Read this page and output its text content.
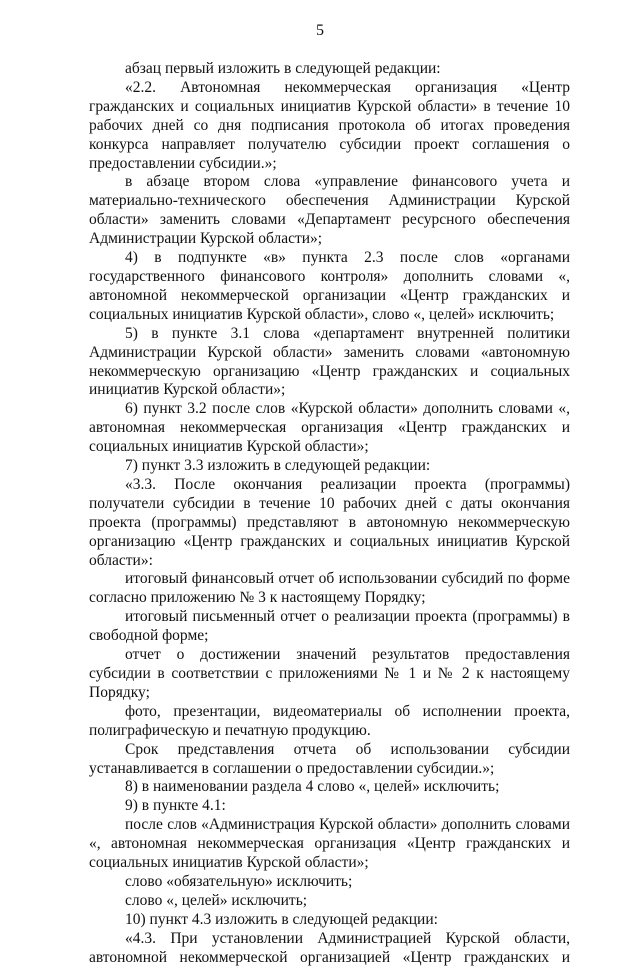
5

абзац первый изложить в следующей редакции:

«2.2. Автономная некоммерческая организация «Центр гражданских и социальных инициатив Курской области» в течение 10 рабочих дней со дня подписания протокола об итогах проведения конкурса направляет получателю субсидии проект соглашения о предоставлении субсидии.»;

в абзаце втором слова «управление финансового учета и материально-технического обеспечения Администрации Курской области» заменить словами «Департамент ресурсного обеспечения Администрации Курской области»;

4) в подпункте «в» пункта 2.3 после слов «органами государственного финансового контроля» дополнить словами «, автономной некоммерческой организации «Центр гражданских и социальных инициатив Курской области», слово «, целей» исключить;

5) в пункте 3.1 слова «департамент внутренней политики Администрации Курской области» заменить словами «автономную некоммерческую организацию «Центр гражданских и социальных инициатив Курской области»;

6) пункт 3.2 после слов «Курской области» дополнить словами «, автономная некоммерческая организация «Центр гражданских и социальных инициатив Курской области»;

7) пункт 3.3 изложить в следующей редакции:

«3.3. После окончания реализации проекта (программы) получатели субсидии в течение 10 рабочих дней с даты окончания проекта (программы) представляют в автономную некоммерческую организацию «Центр гражданских и социальных инициатив Курской области»:

итоговый финансовый отчет об использовании субсидий по форме согласно приложению № 3 к настоящему Порядку;

итоговый письменный отчет о реализации проекта (программы) в свободной форме;

отчет о достижении значений результатов предоставления субсидии в соответствии с приложениями № 1 и № 2 к настоящему Порядку;

фото, презентации, видеоматериалы об исполнении проекта, полиграфическую и печатную продукцию.

Срок представления отчета об использовании субсидии устанавливается в соглашении о предоставлении субсидии.»;

8) в наименовании раздела 4 слово «, целей» исключить;

9) в пункте 4.1:

после слов «Администрация Курской области» дополнить словами «, автономная некоммерческая организация «Центр гражданских и социальных инициатив Курской области»;

слово «обязательную» исключить;

слово «, целей» исключить;

10) пункт 4.3 изложить в следующей редакции:

«4.3. При установлении Администрацией Курской области, автономной некоммерческой организацией «Центр гражданских и
